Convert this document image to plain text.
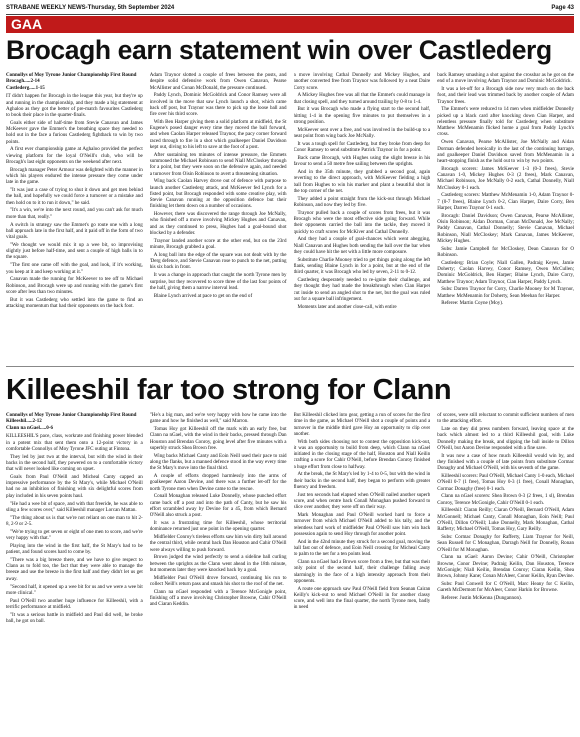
STRABANE WEEKLY NEWS-Thursday, 5th September 2024	Page 43
GAA
Brocagh earn statement win over Castlederg

Connollys of Moy Tyrone Junior Championship First Round

Brocagh.....2-14

Castlederg.....1-15

IT didn't happen for Brocagh in the league this year, but they're up and running in the championship, and they made a big statement at Aghaloo as they got the better of pre-match favourites Castlederg to book their place in the quarter-finals.

Goals either side of half-time from Stevie Canavan and James McKeever gave the Emmet's the breathing space they needed to hold out in the face a furious Castlederg fightback to win by two points.

A first ever championship game at Aghaloo provided the perfect viewing platform for the loyal O'Neill's club, who will be Brocagh's last eight opponents on the weekend after next.

Brocagh manager Peter Armour was delighted with the manner in which his players endured the intense pressure they come under late in the game.

"It was just a case of trying to shut it down and get men behind the ball, and hopefully we could force a turnover or a mistake and then hold on to it to run it down," he said.

"It's a win, we're into the next round, and you can't ask for much more than that, really."

A switch in strategy saw the Emmet's go route one with a long ball approach late in the first half, and it paid off in the form of two vital goals.

"We thought we would mix it up a wee bit, so improvising slightly just before half-time, and sent a couple of high balls in to the square.

"The first one came off with the goal, and look, if it's working, you keep at it and keep working at it."

Canavan made the running for McKeever to tee off to Michael Robinson, and Brocagh were up and running with the game's first score after less than two minutes.

But it was Castlederg who settled into the game to find an attacking momentum that had their opponents on the back foot.

Adam Traynor slotted a couple of frees between the posts, and despite solid defensive work from Owen Canavan, Pearse McAllister and Conan McDonald, the pressure continued.

Paddy Lynch, Dominic McGoldrick and Conor Ramsey were all involved in the move that saw Lynch launch a shot, which came back off post, but Traynor was there to pick up the loose ball and fire over his third score.

With Ben Harper giving them a solid platform at midfield, the St Eugene's posed danger every time they moved the ball forward, and when Caolan Harper released Traynor, the pacy corner forward raced through to fire in a shot which goalkeeper Daniel Davidson kept out, diving to his left to save at the foot of a post.

After sustaining ten minutes of intense pressure, the Emmets summoned the Michael Robinson to send Niall McCloskey through for a point, but they were soon on the defensive again, and needed a turnover from Oisin Robinson to avert a threatening situation.

Wing back Caolan Harvey drove out of defence with purpose to launch another Castlederg attack, and McKeever fed Lynch for a fisted point, but Brocagh responded with some creative play, with Stevie Canavan running at the opposition defence but their finishing let them down on a number of occasions.

However, there was discovered the range through Joe McNally, who finished off a move involving Mickey Hughes and Canavan, and as they continued to press, Hughes had a goal-bound shot blocked by a defender.

Traynor landed another score at the other end, but on the 23rd minute, Brocagh grabbed a goal.

A long ball into the edge of the square was not dealt with by the 'Derg defence, and Stevie Canavan rose to punch to the net, putting his six back in front.

It was a change in approach that caught the north Tyrone men by surprise, but they recovered to score three of the last four points of the half, giving them a narrow interval lead.

Blaine Lynch arrived at pace to get on the end of

a move involving Cathal Donnelly and Mickey Hughes, and another converted free from Traynor was followed by a neat Daire Corry score.

A Mickey Hughes free was all that the Emmet's could manage in that closing spell, and they turned around trailing by 0-8 to 1-4.

But it was Brocagh who made a flying start to the second half, hitting 1-4 in the opening five minutes to put themselves in a strong position.

McKeever sent over a free, and was involved in the build-up to a neat point from wing back Joe McNally.

It was a tough spell for Castlederg, but they broke from deep for Conor Ramsey to send substitute Patrick Traynor in for a point.

Back came Brocagh, with Hughes using the slight breeze in his favour to send a 50 metre free sailing between the uprights.

And in the 35th minute, they grabbed a second goal, again reverting to the direct approach, with McKeever fielding a high ball from Hughes to win his marker and plant a beautiful shot in the top corner of the net.

They added a point straight from the kick-out through Michael Robinson, and now they led by five.

Traynor pulled back a couple of scores from frees, but it was Brocagh who were the most effective side going forward. While their opponents carried the ball into the tackle, they moved it quickly to craft scores for McKiver and Cathal Donnelly.

And they had a couple of goal-chances which went abegging, Niall Canavan and Hughes both sending the ball over the bar when they could have hit the net with a little more composure.

Substitute Charlie Mooney tried to get things going along the left flank, sending Blaine Lynch in for a point, but at the end of the third quarter, it was Brocagh who led by seven, 2-11 to 0-12.

Castlederg desperately needed to re-ignite their challenge, and they thought they had made the breakthrough when Cian Harper cut inside to send an angled shot to the net, but the goal was ruled out for a square ball infringement.

Moments later and another close-call, with entire

back Ramsey smashing a shot against the crossbar as he got on the end of a move involving Adam Traynor and Dominic McGoldrick.

It was a let-off for a Brocagh side now very much on the back foot, and their lead was trimmed back by another couple of Adam Traynor frees.

The Emmet's were reduced to 14 men when midfielder Donnelly picked up a black card after knocking down Cian Harper, and relentless pressure finally told for Castlederg when substitute Matthew McMenamin flicked home a goal from Paddy Lynch's cross.

Owen Canavan, Pearse McAllister, Joe McNally and Aidan Dorman defended heroically in the last of the continuing barrage, and goalkeeper Daniel Davidson saved from McMenamin in a heart-stopping finish as the hold out to win by two points.

Brocagh scorers: James McKeever 1-3 (0-3 frees), Stevie Canavan 1-0, Mickey Hughes 0-3 (2 frees), Mark Canavan, Michael Robinson, Joe McNally 0-2 each, Cathal Donnelly, Niall McCloskey 0-1 each.

Castlederg scorers: Matthew McMenamin 1-0, Adam Traynor 0-7 (0-7 frees), Blaine Lynch 0-2, Cian Harper, Daire Corry, Ben Harper, Darren Traynor 0-1 each.

Brocagh: Daniel Davidson; Owen Canavan, Pearse McAllister, Oisin Robinson; Aidan Dorman, Conan McDonald, Joe McNally; Paddy Canavan, Cathal Donnelly; Stevie Canavan, Michael Robinson, Niall McCloskey; Mark Canavan, James McKeever, Mickey Hughes.

Subs: Jamie Campbell for McCloskey, Dean Canavan for O Robinson.

Castlederg: Brian Coyle; Niall Gallen, Padraig Keyes, Jamie Doherty; Caolan Harvey, Conor Ramsey, Owen McCullen; Dominic McGoldrick, Ben Harper; Blaine Lynch, Daire Corry, Matthew Traynor; Adam Traynor, Cian Harper, Paddy Lynch.

Subs: Darren Traynor for Corry, Charlie Mooney for M Traynor, Matthew McMenamin for Doherty, Sean Meehan for Harper.

Referee: Martin Coyne (Moy).

Killeeshil far too strong for Clann

Connollys of Moy Tyrone Junior Championship First Round

Killeeshil.....2-12

Clann na nGael.....0-6

KILLEESHIL'S pace, class, workrate and finishing power blended in a potent mix that sent them onto a 12-point victory in a comfortable Connollys of Moy Tyrone JFC outing at Fintona.

They led by just two at the interval, but with the wind in their backs in the second half, they powered on to a comfortable victory that will never looked like coming on upset.

Goals from Paul O'Neill and Micheal Canty capped an impressive performance by the St Mary's, while Michael O'Neill had no an inhibition of finishing with six delightful scores from play included in his seven points haul.

"He had a wee bit of space, and with that freeride, he was able to sling a few scores over," said Killeeshil manager Lorcan Mattan.

"The thing about us is that we're not reliant on one man to hit 2-8, 2-9 or 2-5.

"We're trying to get seven or eight of one men to score, and we're very happy with that."

Playing into the wind in the first half, the St Mary's had to be patient, and found scores hard to come by.

"There was a big breeze there, and we have to give respect to Clann as to fold too, the fact that they were able to manage the breeze and use the breeze in the first half and they didn't let us get away.

"Second half, it opened up a wee bit for us and we were a wee bit more clinical."

Paul O'Neill two another huge influence for Killeeshil, with a terrific performance at midfield.

"It was a serious battle in midfield and Paul did well, he broke ball, he got on ball.

"He's a big man, and we're very happy with how he came into the game and how he finished as well," said Marron.

Tomas Hoy got Killeeshil off the mark with an early free, but Clann na nGael, with the wind in their backs, pressed through Dan Houston and Brendan Conroy, going level after five minutes with a superbly struck Shea Brown free.

Wing backs Michael Canty and Eoin Neill used their pace to raid along the flanks, but a manned defence stood in the way every time the St Mary's move into the final third.

A couple of efforts dropped harmlessly into the arms of goalkeeper Aaron Devine, and there was a further let-off for the north Tyrone men when Devine came to the rescue.

Conall Monaghan released Luke Donnelly, whose punched effort came back off a post and into the path of Canty, but he saw his effort scrambled away by Devine for a 45, from which Bernard O'Neill also struck a post.

It was a frustrating time for Killeeshil, whose territorial dominance returned just one point in the opening quarter.

Midfielder Conroy's tireless efforts saw him win dirty ball around the central third, while central back Dan Houston and Cahir O'Neill were always willing to push forward.

Brown judged the wind perfectly to send a sideline ball curling between the uprights as the Clann went ahead in the 18th minute, but moments later they were knocked back by a goal.

Midfielder Paul O'Neill drove forward, continuing his run to collect Neill's return pass and smash his shot to the roof of the net.

Clann na nGael responded with a Terence McGonigle point, finishing off a move involving Christopher Browne, Cahir O'Neill and Ciaran Keddin.

But Killeeshil clicked into gear, getting a run of scores for the first time in the game, as Michael O'Neill shot a couple of points and a turnover in the middle third gave Hoy an opportunity to clip over another.

With both sides choosing not to contest the opposition kick-out, it was an opportunity to build from deep, which Clann na nGael initiated in the closing stage of the half, Houston and Niall Keilin crafting a score for Cahir O'Neill, before Brendan Conroy finished a huge effort from close to halfway.

At the break, the St Mary's led by 1-4 to 0-5, but with the wind in their backs in the second half, they began to perform with greater fluency and freedom.

Just ten seconds had elapsed when O'Neill nailed another superb score, and when centre back Conall Monaghan pushed forward to slice over another, they were off on their way.

Mark Monaghan and Paul O'Neill worked hard to force a turnover from which Michael O'Neill added to his tally, and the relentless hard work of midfielder Paul O'Neill saw him win back possession again to send Hoy through for another point.

And in the 42nd minute they struck for a second goal, moving the ball fast out of defence, and Eoin Neill crossing for Micheal Canty to palm to the net for a ten points lead.

Clann na nGael had a Brown score from a free, but that was their only point of the second half, their challenge falling away alarmingly in the face of a high intensity approach from their opponents.

A route one approach saw Paul O'Neill field from Seanan Cairan Keilly's kick-out to send Michael O'Neill in for another classy score, and well into the final quarter, the north Tyrone men, badly in need

of scores, were still reluctant to commit sufficient numbers of men to the attacking effort.

Late on they did press numbers forward, leaving space at the back which almost led to a third Killeeshil goal, with Luke Donnelly making the break, and slipping the ball inside to Dillon O'Neill, but Aaron Devine responded with a fine save.

It was now a case of how much Killeeshil would win by, and they finished with a couple of late points from substitute Cormac Donaghy and Michael O'Neill, with his seventh of the game.

Killeeshil scorers: Paul O'Neill, Michael Canty 1-0 each, Michael O'Neill 0-7 (1 free), Tomas Hoy 0-3 (1 free), Conall Monaghan, Cormac Donaghy (free) 0-1 each.

Clann na nGael scorers: Shea Brown 0-3 (2 frees, 1 sl), Brendan Conroy, Terence McGonigle, Cahir O'Neill 0-1 each.

Killeeshil: Ciaran Reilly; Ciaran O'Neill, Bernard O'Neill, Adam McGonnell; Michael Canty, Conall Monaghan, Eoin Neill; Paul O'Neill, Dillon O'Neill; Luke Donnelly, Mark Monaghan, Cathal Rafferty; Michael O'Neill, Tomas Hoy, Gary Reilly.

Subs: Cormac Donaghy for Rafferty, Liam Traynor for Neill, Sean Russell for C Monaghan, Darragh Neill for Donnelly, Ronan O'Neill for M Monaghan.

Clann na nGael: Aaron Devine; Cahir O'Neill, Christopher Browne, Conor Devine; Padraig Keilin, Dan Houston, Terence McGonigle; Niall Keilin, Brendan Conroy; Ciaran Keilin, Shea Brown, Johnny Kane; Conan McAleer, Conor Keilin, Ryan Devine.

Subs: Paul Conwell for C O'Neill, Marc Heany for C Keilin, Gareth McDermott for McAleer, Conor Harkin for Browne.

Referee: Justin McKenna (Dungannon).
